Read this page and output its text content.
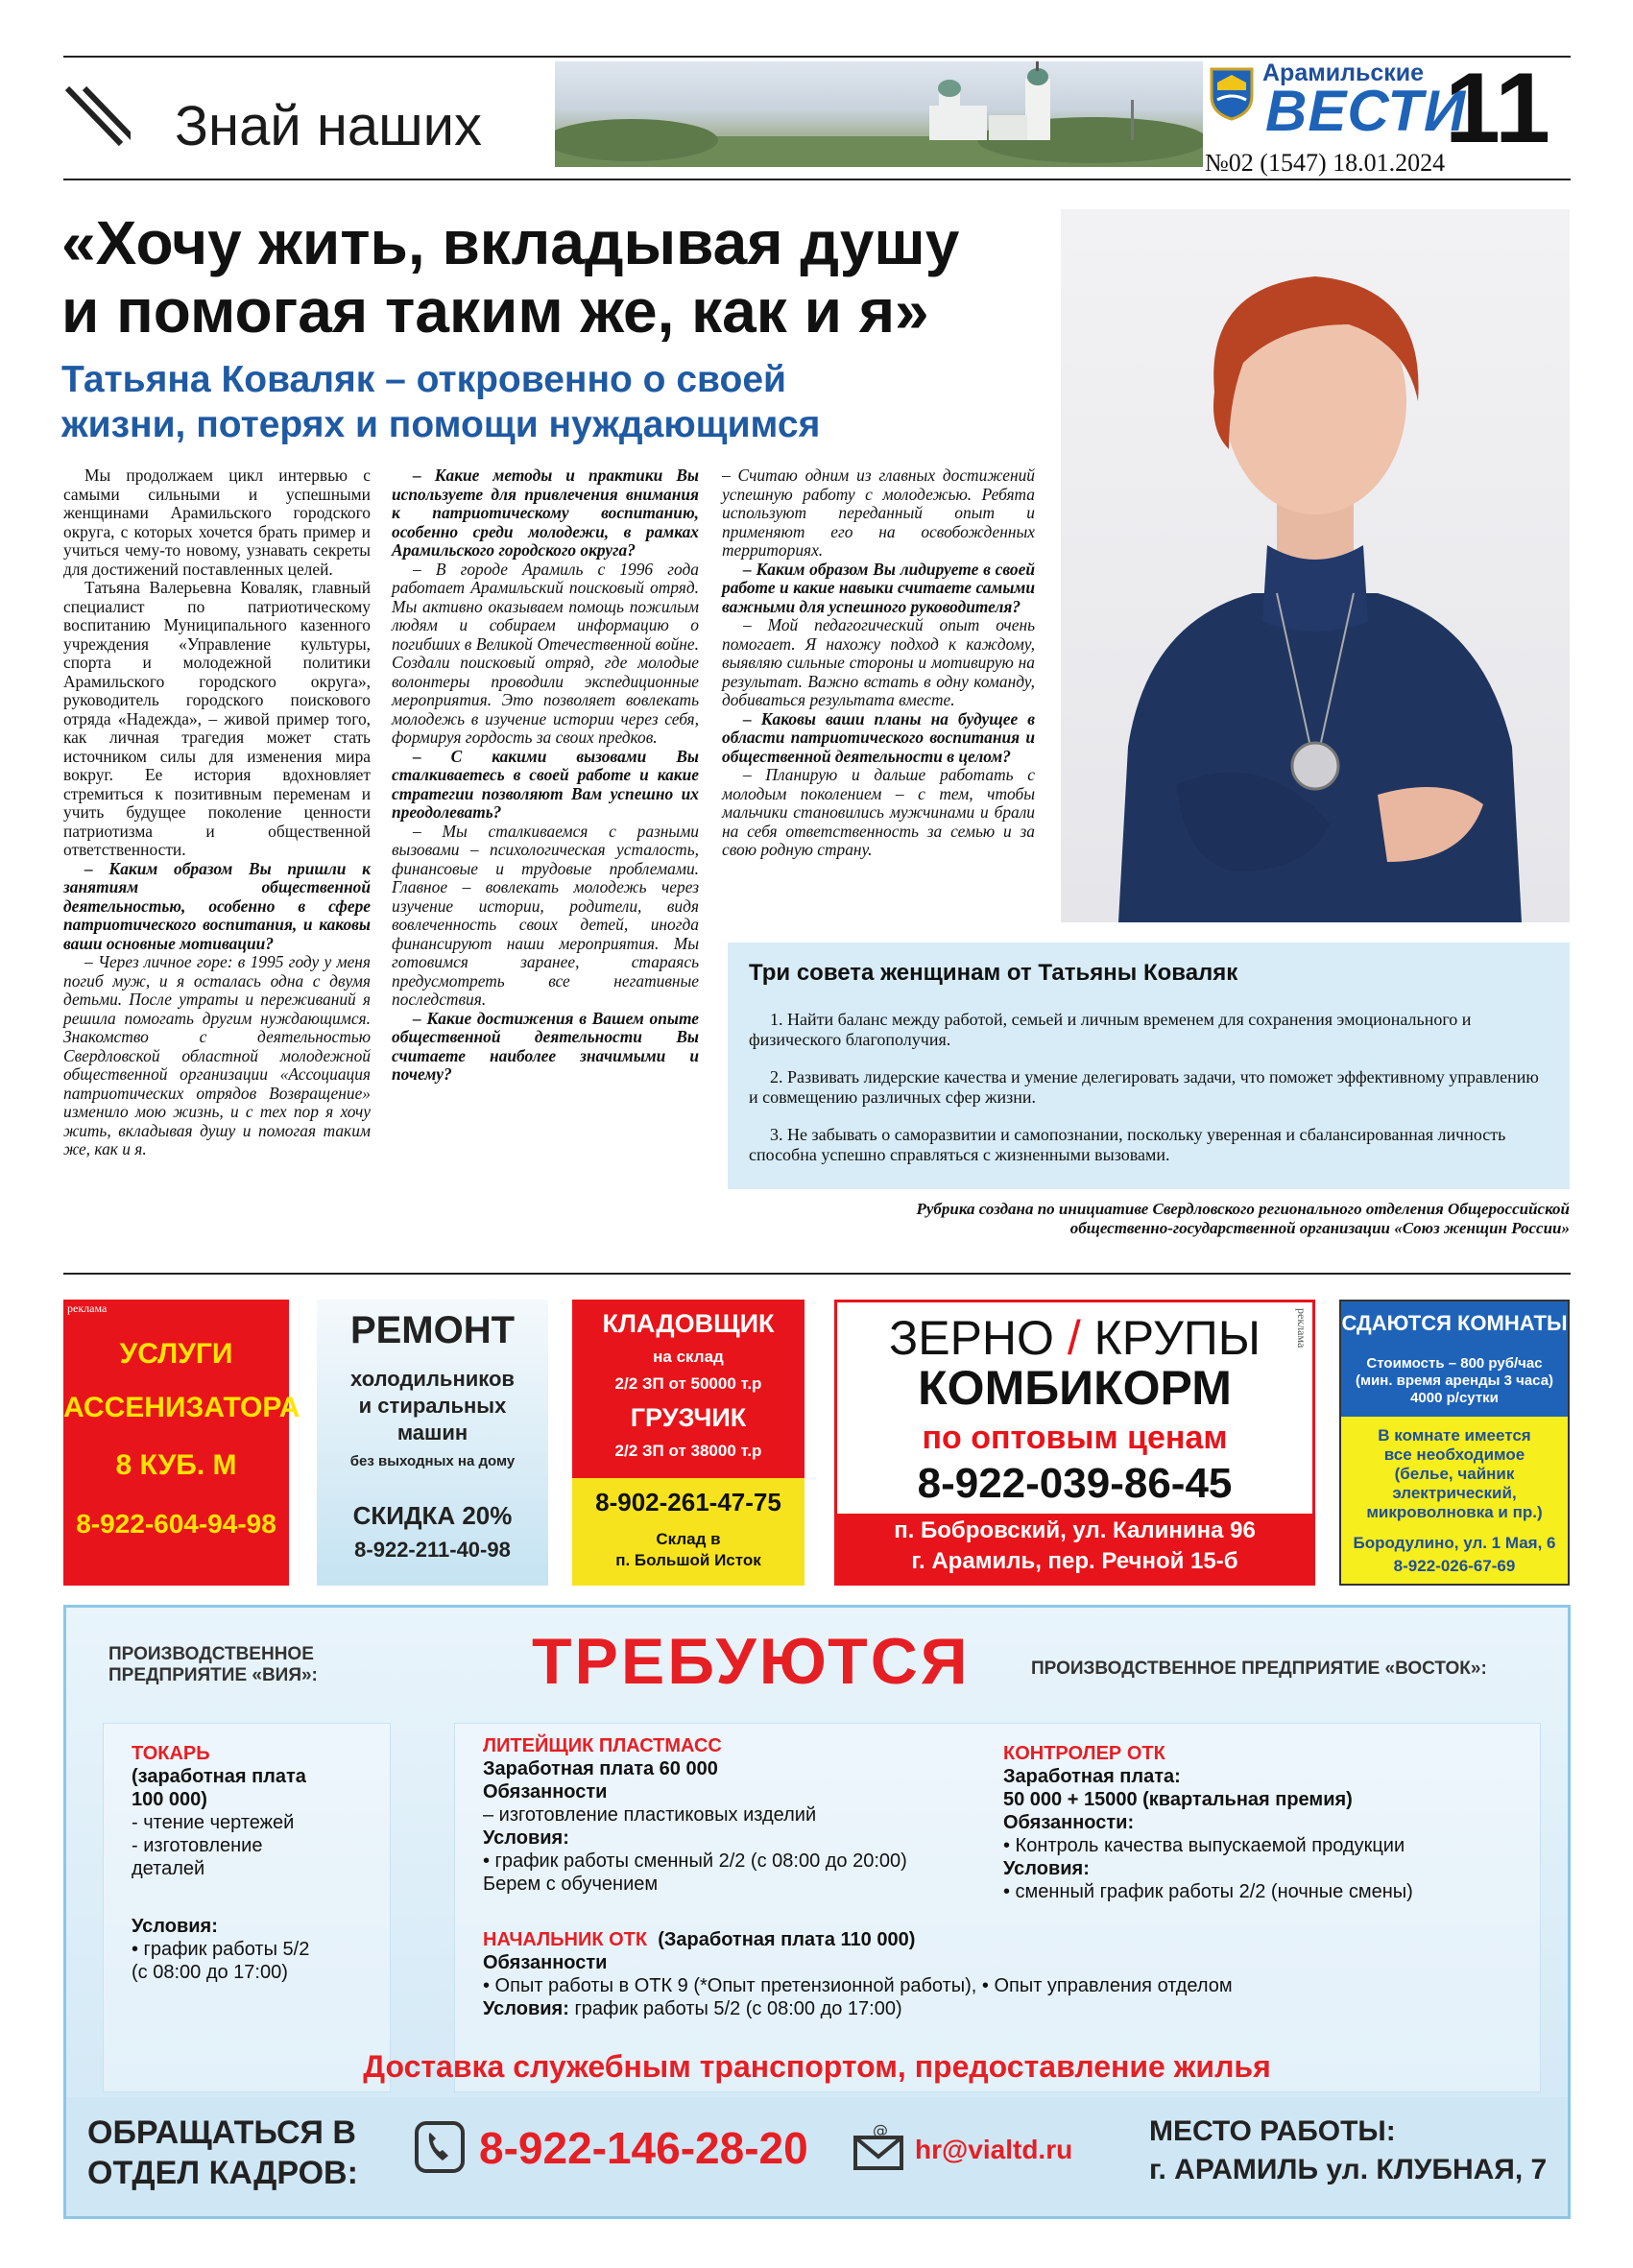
Знай наших
Арамильские
ВЕСТИ
№02 (1547) 18.01.2024 11
«Хочу жить, вкладывая душу
и помогая таким же, как и я»
Татьяна Коваляк – откровенно о своей
жизни, потерях и помощи нуждающимся

Мы продолжаем цикл интервью с самыми сильными и успешными женщинами Арамильского городского округа, с которых хочется брать пример и учиться чему-то новому, узнавать секреты для достижений поставленных целей.

Татьяна Валерьевна Коваляк, главный специалист по патриотическому воспитанию Муниципального казенного учреждения «Управление культуры, спорта и молодежной политики Арамильского городского округа», руководитель городского поискового отряда «Надежда», – живой пример того, как личная трагедия может стать источником силы для изменения мира вокруг. Ее история вдохновляет стремиться к позитивным переменам и учить будущее поколение ценности патриотизма и общественной ответственности.

– Каким образом Вы пришли к занятиям общественной деятельностью, особенно в сфере патриотического воспитания, и каковы ваши основные мотивации?

– Через личное горе: в 1995 году у меня погиб муж, и я осталась одна с двумя детьми. После утраты и переживаний я решила помогать другим нуждающимся. Знакомство с деятельностью Свердловской областной молодежной общественной организации «Ассоциация патриотических отрядов Возвращение» изменило мою жизнь, и с тех пор я хочу жить, вкладывая душу и помогая таким же, как и я.

– Какие методы и практики Вы используете для привлечения внимания к патриотическому воспитанию, особенно среди молодежи, в рамках Арамильского городского округа?

– В городе Арамиль с 1996 года работает Арамильский поисковый отряд. Мы активно оказываем помощь пожилым людям и собираем информацию о погибших в Великой Отечественной войне. Создали поисковый отряд, где молодые волонтеры проводили экспедиционные мероприятия. Это позволяет вовлекать молодежь в изучение истории через себя, формируя гордость за своих предков.

– С какими вызовами Вы сталкиваетесь в своей работе и какие стратегии позволяют Вам успешно их преодолевать?

– Мы сталкиваемся с разными вызовами – психологическая усталость, финансовые и трудовые проблемами. Главное – вовлекать молодежь через изучение истории, родители, видя вовлеченность своих детей, иногда финансируют наши мероприятия. Мы готовимся заранее, стараясь предусмотреть все негативные последствия.

– Какие достижения в Вашем опыте общественной деятельности Вы считаете наиболее значимыми и почему?

– Считаю одним из главных достижений успешную работу с молодежью. Ребята используют переданный опыт и применяют его на освобожденных территориях.

– Каким образом Вы лидируете в своей работе и какие навыки считаете самыми важными для успешного руководителя?

– Мой педагогический опыт очень помогает. Я нахожу подход к каждому, выявляю сильные стороны и мотивирую на результат. Важно встать в одну команду, добиваться результата вместе.

– Каковы ваши планы на будущее в области патриотического воспитания и общественной деятельности в целом?

– Планирую и дальше работать с молодым поколением – с тем, чтобы мальчики становились мужчинами и брали на себя ответственность за семью и за свою родную страну.

Три совета женщинам от Татьяны Коваляк
1. Найти баланс между работой, семьей и личным временем для сохранения эмоционального и физического благополучия.
2. Развивать лидерские качества и умение делегировать задачи, что поможет эффективному управлению и совмещению различных сфер жизни.
3. Не забывать о саморазвитии и самопознании, поскольку уверенная и сбалансированная личность способна успешно справляться с жизненными вызовами.
Рубрика создана по инициативе Свердловского регионального отделения Общероссийской
общественно-государственной организации «Союз женщин России»
реклама
УСЛУГИ
АССЕНИЗАТОРА
8 КУБ. М
8-922-604-94-98
РЕМОНТ
холодильников
и стиральных
машин
без выходных на дому
СКИДКА 20%
8-922-211-40-98
КЛАДОВЩИК
на склад
2/2 ЗП от 50000 т.р
ГРУЗЧИК
2/2 ЗП от 38000 т.р
8-902-261-47-75
Склад в
п. Большой Исток
реклама
ЗЕРНО / КРУПЫ
КОМБИКОРМ
по оптовым ценам
8-922-039-86-45
п. Бобровский, ул. Калинина 96
г. Арамиль, пер. Речной 15-б
СДАЮТСЯ КОМНАТЫ
Стоимость – 800 руб/час
(мин. время аренды 3 часа)
4000 р/сутки
В комнате имеется
все необходимое
(белье, чайник
электрический,
микроволновка и пр.)
Бородулино, ул. 1 Мая, 6
8-922-026-67-69
ПРОИЗВОДСТВЕННОЕ
ПРЕДПРИЯТИЕ «ВИЯ»:	ТРЕБУЮТСЯ	ПРОИЗВОДСТВЕННОЕ ПРЕДПРИЯТИЕ «ВОСТОК»:
ТОКАРЬ
(заработная плата
100 000)
- чтение чертежей
- изготовление
деталей
Условия:
• график работы 5/2
(с 08:00 до 17:00)
ЛИТЕЙЩИК ПЛАСТМАСС
Заработная плата 60 000
Обязанности
– изготовление пластиковых изделий
Условия:
• график работы сменный 2/2 (с 08:00 до 20:00)
Берем с обучением
НАЧАЛЬНИК ОТК (Заработная плата 110 000)
Обязанности
• Опыт работы в ОТК 9 (*Опыт претензионной работы), • Опыт управления отделом
Условия: график работы 5/2 (с 08:00 до 17:00)
КОНТРОЛЕР ОТК
Заработная плата:
50 000 + 15000 (квартальная премия)
Обязанности:
• Контроль качества выпускаемой продукции
Условия:
• сменный график работы 2/2 (ночные смены)
Доставка служебным транспортом, предоставление жилья
ОБРАЩАТЬСЯ В
ОТДЕЛ КАДРОВ:	8-922-146-28-20	@
hr@vialtd.ru
МЕСТО РАБОТЫ:
г. АРАМИЛЬ ул. КЛУБНАЯ, 7
